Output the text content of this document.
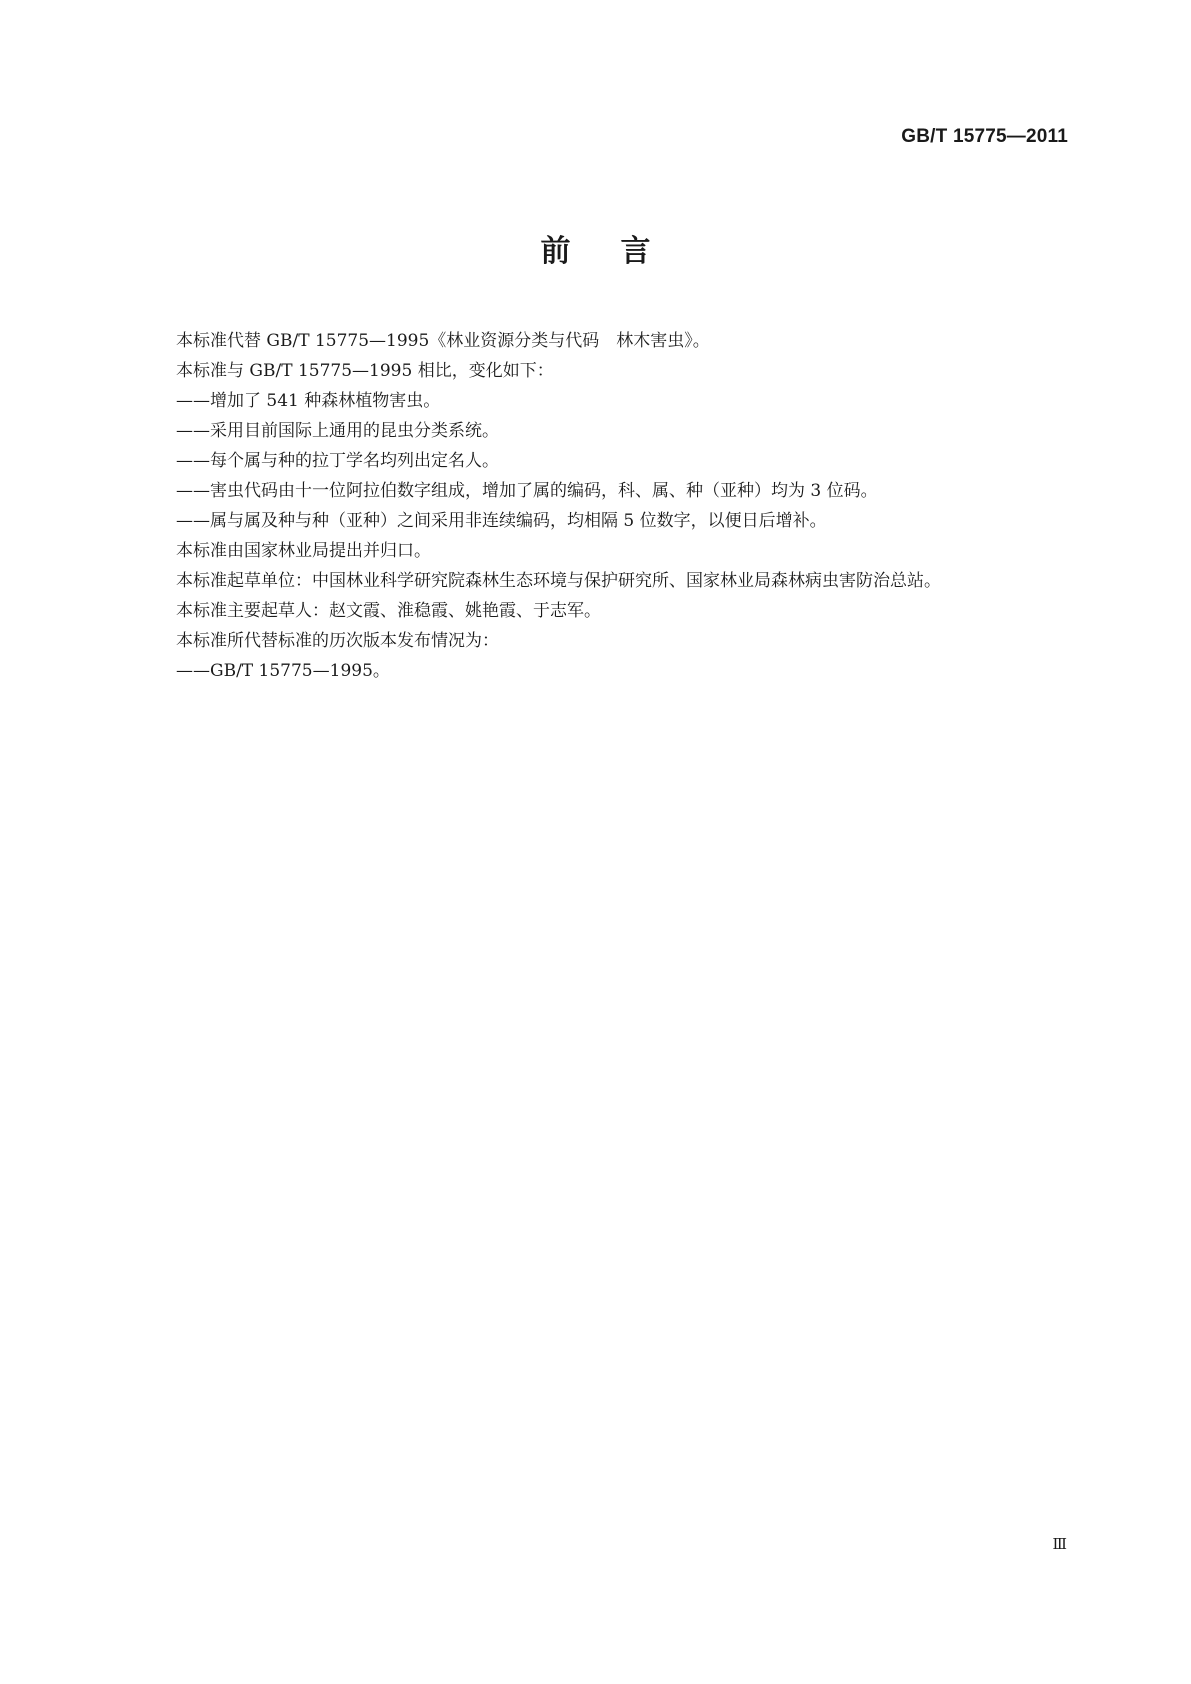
GB/T 15775—2011
前言

本标准代替 GB/T 15775—1995《林业资源分类与代码　林木害虫》。

本标准与 GB/T 15775—1995 相比，变化如下：

——增加了 541 种森林植物害虫。

——采用目前国际上通用的昆虫分类系统。

——每个属与种的拉丁学名均列出定名人。

——害虫代码由十一位阿拉伯数字组成，增加了属的编码，科、属、种（亚种）均为 3 位码。

——属与属及种与种（亚种）之间采用非连续编码，均相隔 5 位数字，以便日后增补。

本标准由国家林业局提出并归口。

本标准起草单位：中国林业科学研究院森林生态环境与保护研究所、国家林业局森林病虫害防治总站。

本标准主要起草人：赵文霞、淮稳霞、姚艳霞、于志军。

本标准所代替标准的历次版本发布情况为：

——GB/T 15775—1995。

Ⅲ
